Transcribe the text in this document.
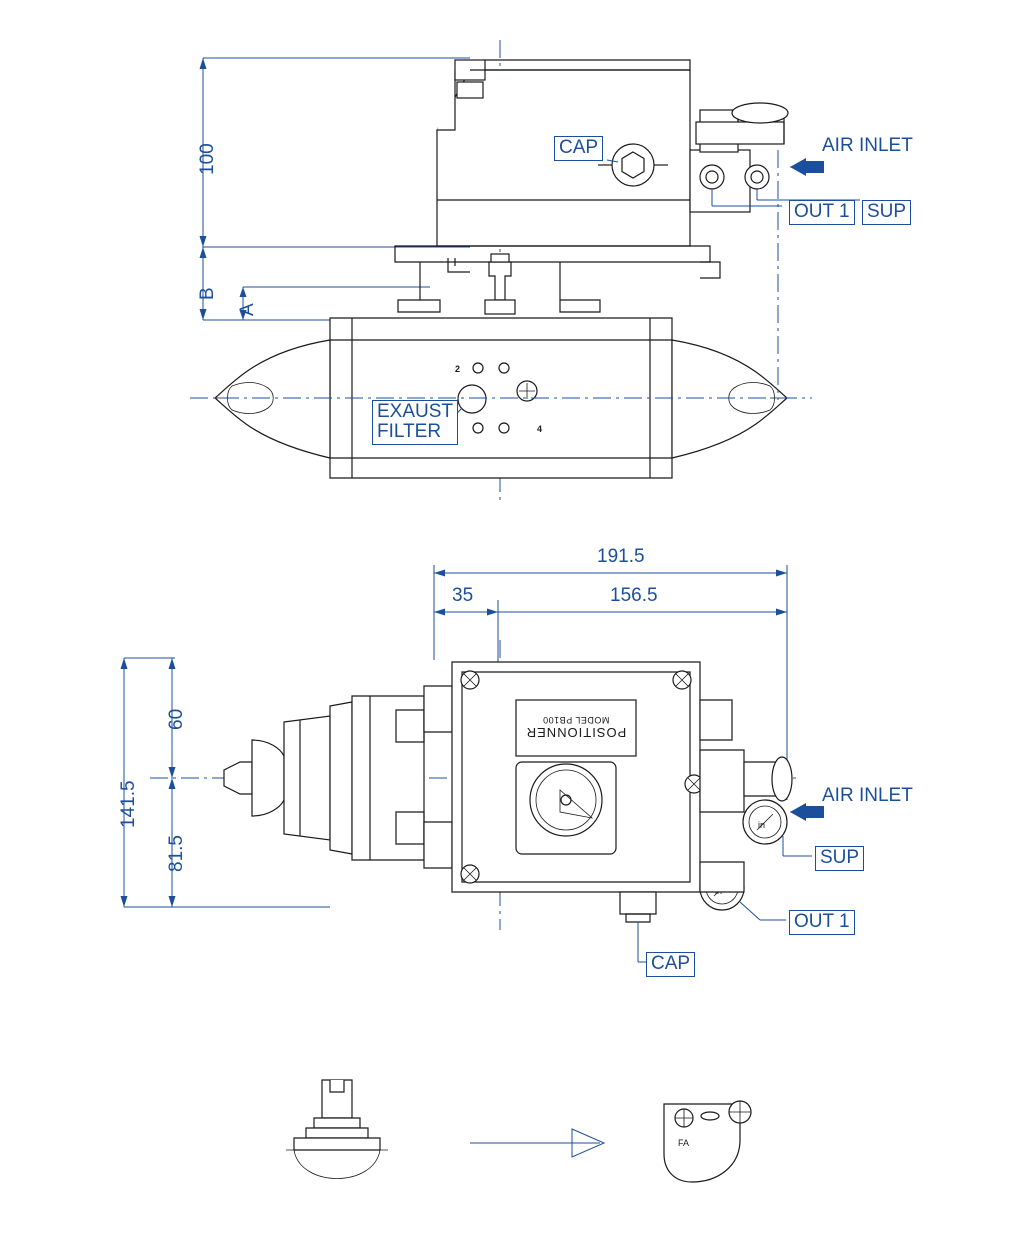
2
4
in
FA
100
B
A
CAP	AIR INLET
OUT 1 SUP
EXAUST
FILTER
191.5
35	156.5
141.5
60
81.5
AIR INLET
SUP
OUT 1
CAP
POSITIONNER
MODEL PB100
